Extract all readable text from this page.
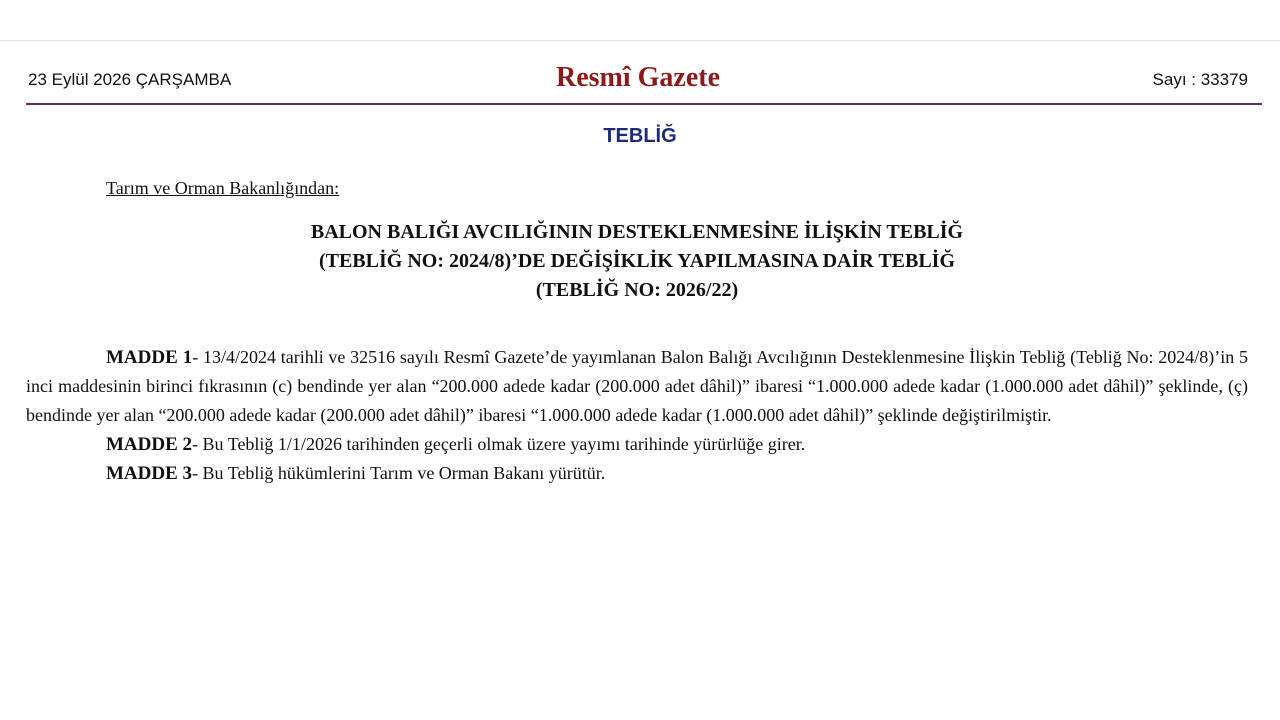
23 Eylül 2026 ÇARŞAMBA	Resmî Gazete	Sayı : 33379
TEBLİĞ
Tarım ve Orman Bakanlığından:
BALON BALIĞI AVCILIĞININ DESTEKLENMESİNE İLİŞKİN TEBLİĞ
(TEBLİĞ NO: 2024/8)’DE DEĞİŞİKLİK YAPILMASINA DAİR TEBLİĞ
(TEBLİĞ NO: 2026/22)

MADDE 1- 13/4/2024 tarihli ve 32516 sayılı Resmî Gazete’de yayımlanan Balon Balığı Avcılığının Desteklenmesine İlişkin Tebliğ (Tebliğ No: 2024/8)’in 5 inci maddesinin birinci fıkrasının (c) bendinde yer alan “200.000 adede kadar (200.000 adet dâhil)” ibaresi “1.000.000 adede kadar (1.000.000 adet dâhil)” şeklinde, (ç) bendinde yer alan “200.000 adede kadar (200.000 adet dâhil)” ibaresi “1.000.000 adede kadar (1.000.000 adet dâhil)” şeklinde değiştirilmiştir.

MADDE 2- Bu Tebliğ 1/1/2026 tarihinden geçerli olmak üzere yayımı tarihinde yürürlüğe girer.

MADDE 3- Bu Tebliğ hükümlerini Tarım ve Orman Bakanı yürütür.
